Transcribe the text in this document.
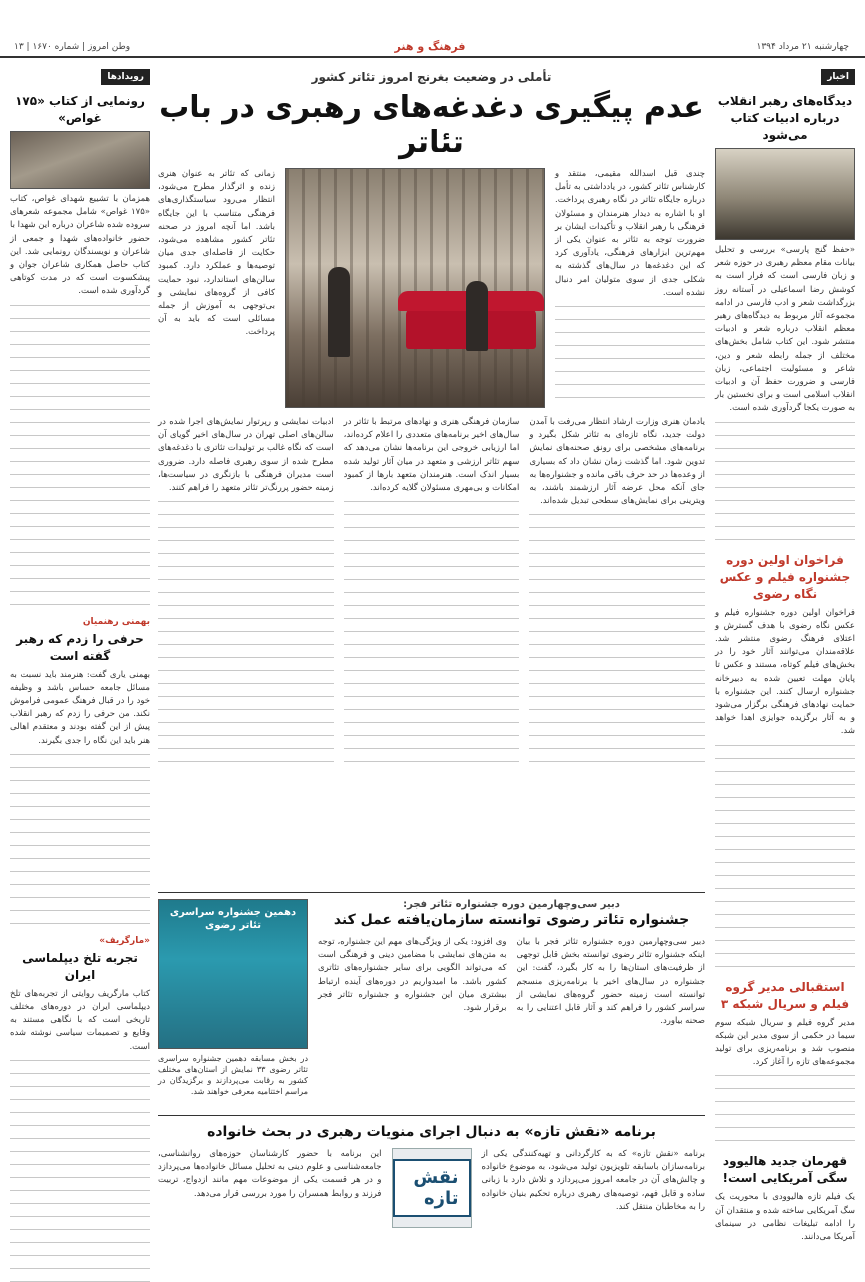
چهارشنبه ۲۱ مرداد ۱۳۹۴
فرهنگ و هنر
وطن امروز | شماره ۱۶۷۰ | ۱۳
اخبار
دیدگاه‌های رهبر انقلاب درباره ادبیات کتاب می‌شود
«حفظ گنج پارسی» بررسی و تحلیل بیانات مقام معظم رهبری در حوزه شعر و زبان فارسی است که فرار است به کوشش رضا اسماعیلی در آستانه روز بزرگداشت شعر و ادب فارسی در ادامه مجموعه آثار مربوط به دیدگاه‌های رهبر معظم انقلاب درباره شعر و ادبیات منتشر شود. این کتاب شامل بخش‌های مختلف از جمله رابطه شعر و دین، شاعر و مسئولیت اجتماعی، زبان فارسی و ضرورت حفظ آن و ادبیات انقلاب اسلامی است و برای نخستین بار به صورت یکجا گردآوری شده است.
فراخوان اولین دوره جشنواره فیلم و عکس نگاه رضوی
فراخوان اولین دوره جشنواره فیلم و عکس نگاه رضوی با هدف گسترش و اعتلای فرهنگ رضوی منتشر شد. علاقه‌مندان می‌توانند آثار خود را در بخش‌های فیلم کوتاه، مستند و عکس تا پایان مهلت تعیین شده به دبیرخانه جشنواره ارسال کنند. این جشنواره با حمایت نهادهای فرهنگی برگزار می‌شود و به آثار برگزیده جوایزی اهدا خواهد شد.
استقبالی مدیر گروه فیلم و سریال شبکه ۳
مدیر گروه فیلم و سریال شبکه سوم سیما در حکمی از سوی مدیر این شبکه منصوب شد و برنامه‌ریزی برای تولید مجموعه‌های تازه را آغاز کرد.
قهرمان جدید هالیوود سگی آمریکایی است!
یک فیلم تازه هالیوودی با محوریت یک سگ آمریکایی ساخته شده و منتقدان آن را ادامه تبلیغات نظامی در سینمای آمریکا می‌دانند.
رویدادها
رونمایی از کتاب «۱۷۵ غواص»
همزمان با تشییع شهدای غواص، کتاب «۱۷۵ غواص» شامل مجموعه شعرهای سروده شده شاعران درباره این شهدا با حضور خانواده‌های شهدا و جمعی از شاعران و نویسندگان رونمایی شد. این کتاب حاصل همکاری شاعران جوان و پیشکسوت است که در مدت کوتاهی گردآوری شده است.
بهمنی رهنمیان
حرفی را زدم که رهبر گفته است
بهمنی یاری گفت: هنرمند باید نسبت به مسائل جامعه حساس باشد و وظیفه خود را در قبال فرهنگ عمومی فراموش نکند. من حرفی را زدم که رهبر انقلاب پیش از این گفته بودند و معتقدم اهالی هنر باید این نگاه را جدی بگیرند.
«مارگریف»
تجربه تلخ دیپلماسی ایران
کتاب مارگریف روایتی از تجربه‌های تلخ دیپلماسی ایران در دوره‌های مختلف تاریخی است که با نگاهی مستند به وقایع و تصمیمات سیاسی نوشته شده است.
تأملی در وضعیت بغرنج امروز تئاتر کشور
عدم پیگیری دغدغه‌های رهبری در باب تئاتر
چندی قبل اسدالله مقیمی، منتقد و کارشناس تئاتر کشور، در یادداشتی به تأمل درباره جایگاه تئاتر در نگاه رهبری پرداخت. او با اشاره به دیدار هنرمندان و مسئولان فرهنگی با رهبر انقلاب و تأکیدات ایشان بر ضرورت توجه به تئاتر به عنوان یکی از مهم‌ترین ابزارهای فرهنگی، یادآوری کرد که این دغدغه‌ها در سال‌های گذشته به شکلی جدی از سوی متولیان امر دنبال نشده است.
زمانی که تئاتر به عنوان هنری زنده و اثرگذار مطرح می‌شود، انتظار می‌رود سیاستگذاری‌های فرهنگی متناسب با این جایگاه باشد. اما آنچه امروز در صحنه تئاتر کشور مشاهده می‌شود، حکایت از فاصله‌ای جدی میان توصیه‌ها و عملکرد دارد. کمبود سالن‌های استاندارد، نبود حمایت کافی از گروه‌های نمایشی و بی‌توجهی به آموزش از جمله مسائلی است که باید به آن پرداخت.
یادمان هنری وزارت ارشاد انتظار می‌رفت با آمدن دولت جدید، نگاه تازه‌ای به تئاتر شکل بگیرد و برنامه‌های مشخصی برای رونق صحنه‌های نمایش تدوین شود. اما گذشت زمان نشان داد که بسیاری از وعده‌ها در حد حرف باقی مانده و جشنواره‌ها به جای آنکه محل عرضه آثار ارزشمند باشند، به ویترینی برای نمایش‌های سطحی تبدیل شده‌اند.
سازمان فرهنگی هنری و نهادهای مرتبط با تئاتر در سال‌های اخیر برنامه‌های متعددی را اعلام کرده‌اند، اما ارزیابی خروجی این برنامه‌ها نشان می‌دهد که سهم تئاتر ارزشی و متعهد در میان آثار تولید شده بسیار اندک است. هنرمندان متعهد بارها از کمبود امکانات و بی‌مهری مسئولان گلایه کرده‌اند.
ادبیات نمایشی و رپرتوار نمایش‌های اجرا شده در سالن‌های اصلی تهران در سال‌های اخیر گویای آن است که نگاه غالب بر تولیدات تئاتری با دغدغه‌های مطرح شده از سوی رهبری فاصله دارد. ضروری است مدیران فرهنگی با بازنگری در سیاست‌ها، زمینه حضور پررنگ‌تر تئاتر متعهد را فراهم کنند.
دبیر سی‌وچهارمین دوره جشنواره تئاتر فجر:
جشنواره تئاتر رضوی توانسته سازمان‌یافته عمل کند
دبیر سی‌وچهارمین دوره جشنواره تئاتر فجر با بیان اینکه جشنواره تئاتر رضوی توانسته بخش قابل توجهی از ظرفیت‌های استان‌ها را به کار بگیرد، گفت: این جشنواره در سال‌های اخیر با برنامه‌ریزی منسجم توانسته است زمینه حضور گروه‌های نمایشی از سراسر کشور را فراهم کند و آثار قابل اعتنایی را به صحنه بیاورد.
وی افزود: یکی از ویژگی‌های مهم این جشنواره، توجه به متن‌های نمایشی با مضامین دینی و فرهنگی است که می‌تواند الگویی برای سایر جشنواره‌های تئاتری کشور باشد. ما امیدواریم در دوره‌های آینده ارتباط بیشتری میان این جشنواره و جشنواره تئاتر فجر برقرار شود.
دهمین جشنواره سراسری تئاتر رضوی
در بخش مسابقه دهمین جشنواره سراسری تئاتر رضوی ۳۳ نمایش از استان‌های مختلف کشور به رقابت می‌پردازند و برگزیدگان در مراسم اختتامیه معرفی خواهند شد.
برنامه «نقش تازه» به دنبال اجرای منویات رهبری در بحث خانواده
برنامه «نقش تازه» که به کارگردانی و تهیه‌کنندگی یکی از برنامه‌سازان باسابقه تلویزیون تولید می‌شود، به موضوع خانواده و چالش‌های آن در جامعه امروز می‌پردازد و تلاش دارد با زبانی ساده و قابل فهم، توصیه‌های رهبری درباره تحکیم بنیان خانواده را به مخاطبان منتقل کند.
نقش تازه
این برنامه با حضور کارشناسان حوزه‌های روانشناسی، جامعه‌شناسی و علوم دینی به تحلیل مسائل خانواده‌ها می‌پردازد و در هر قسمت یکی از موضوعات مهم مانند ازدواج، تربیت فرزند و روابط همسران را مورد بررسی قرار می‌دهد.
